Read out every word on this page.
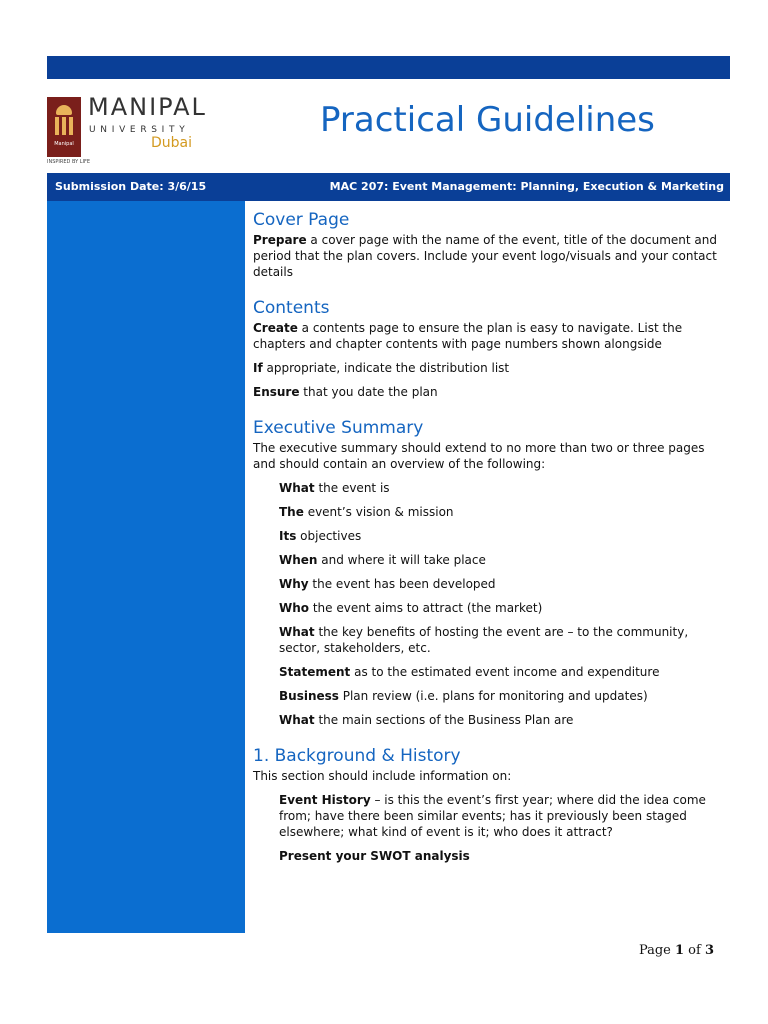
Manipal
MANIPAL
UNIVERSITY
Dubai
INSPIRED BY LIFE
Practical Guidelines
Submission Date: 3/6/15	MAC 207: Event Management: Planning, Execution & Marketing
Cover Page

Prepare a cover page with the name of the event, title of the document and period that the plan covers. Include your event logo/visuals and your contact details

Contents

Create a contents page to ensure the plan is easy to navigate. List the chapters and chapter contents with page numbers shown alongside

If appropriate, indicate the distribution list

Ensure that you date the plan

Executive Summary

The executive summary should extend to no more than two or three pages and should contain an overview of the following:

What the event is

The event’s vision & mission

Its objectives

When and where it will take place

Why the event has been developed

Who the event aims to attract (the market)

What the key benefits of hosting the event are – to the community, sector, stakeholders, etc.

Statement as to the estimated event income and expenditure

Business Plan review (i.e. plans for monitoring and updates)

What the main sections of the Business Plan are

1. Background & History

This section should include information on:

Event History – is this the event’s first year; where did the idea come from; have there been similar events; has it previously been staged elsewhere; what kind of event is it; who does it attract?

Present your SWOT analysis

Page 1 of 3
